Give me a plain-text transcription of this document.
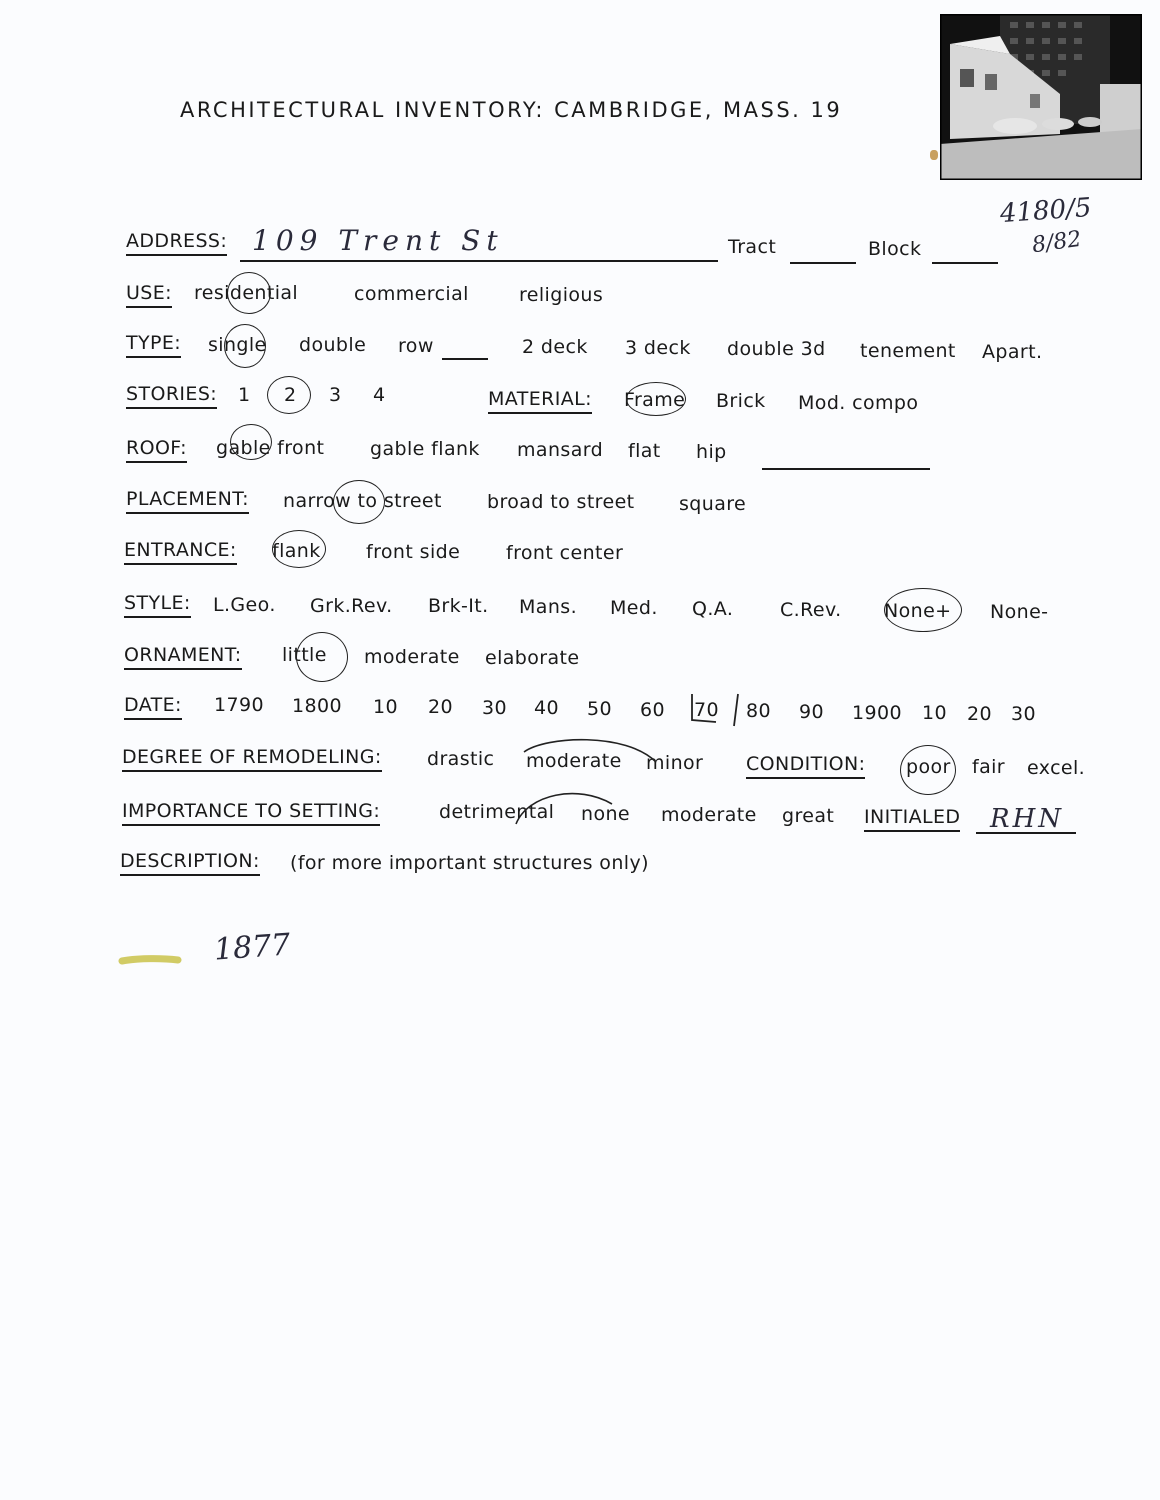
ARCHITECTURAL INVENTORY: CAMBRIDGE, MASS. 19
4180/5
8/82
ADDRESS: 109 Trent St	Tract	Block
USE: residential	commercial	religious
TYPE: single double row	2 deck 3 deck double 3d tenement Apart.
STORIES: 1 2 3 4	MATERIAL: Frame Brick Mod. compo
ROOF: gable front gable flank mansard flat hip
PLACEMENT: narrow to street broad to street square
ENTRANCE: flank front side front center
STYLE: L.Geo. Grk.Rev. Brk-It. Mans. Med. Q.A. C.Rev. None+ None-
ORNAMENT: little moderate elaborate
DATE: 1790 1800 10 20 30 40 50 60 70 80 90 1900 10 20 30
DEGREE OF REMODELING: drastic moderate minor CONDITION: poor fair excel.
IMPORTANCE TO SETTING:	detrimental none moderate great INITIALED RHN
DESCRIPTION: (for more important structures only)
1877
